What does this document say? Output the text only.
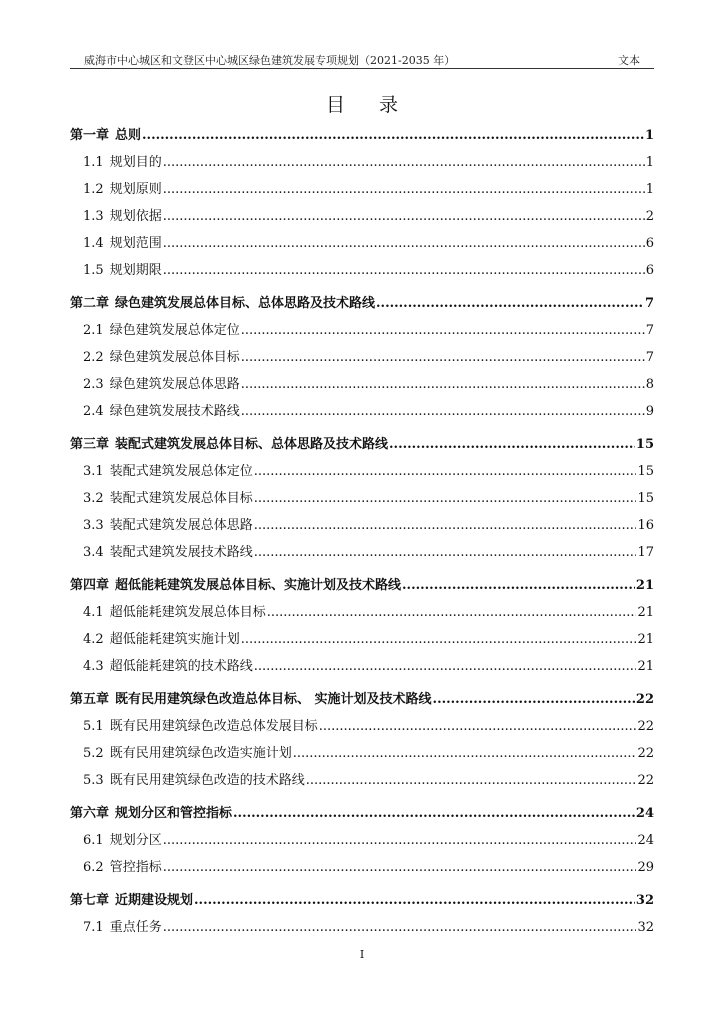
威海市中心城区和文登区中心城区绿色建筑发展专项规划（2021-2035 年）	文本
目 录
第一章 总则 .....	1
1.1 规划目的 .....	1
1.2 规划原则 .....	1
1.3 规划依据 .....	2
1.4 规划范围 .....	6
1.5 规划期限 .....	6
第二章 绿色建筑发展总体目标、总体思路及技术路线 .....	7
2.1 绿色建筑发展总体定位 .....	7
2.2 绿色建筑发展总体目标 .....	7
2.3 绿色建筑发展总体思路 .....	8
2.4 绿色建筑发展技术路线 .....	9
第三章 装配式建筑发展总体目标、总体思路及技术路线 .....	15
3.1 装配式建筑发展总体定位 .....	15
3.2 装配式建筑发展总体目标 .....	15
3.3 装配式建筑发展总体思路 .....	16
3.4 装配式建筑发展技术路线 .....	17
第四章 超低能耗建筑发展总体目标、实施计划及技术路线 .....	21
4.1 超低能耗建筑发展总体目标 .....	21
4.2 超低能耗建筑实施计划 .....	21
4.3 超低能耗建筑的技术路线 .....	21
第五章 既有民用建筑绿色改造总体目标、 实施计划及技术路线 .....	22
5.1 既有民用建筑绿色改造总体发展目标 .....	22
5.2 既有民用建筑绿色改造实施计划 .....	22
5.3 既有民用建筑绿色改造的技术路线 .....	22
第六章 规划分区和管控指标 .....	24
6.1 规划分区 .....	24
6.2 管控指标 .....	29
第七章 近期建设规划 .....	32
7.1 重点任务 .....	32
I
